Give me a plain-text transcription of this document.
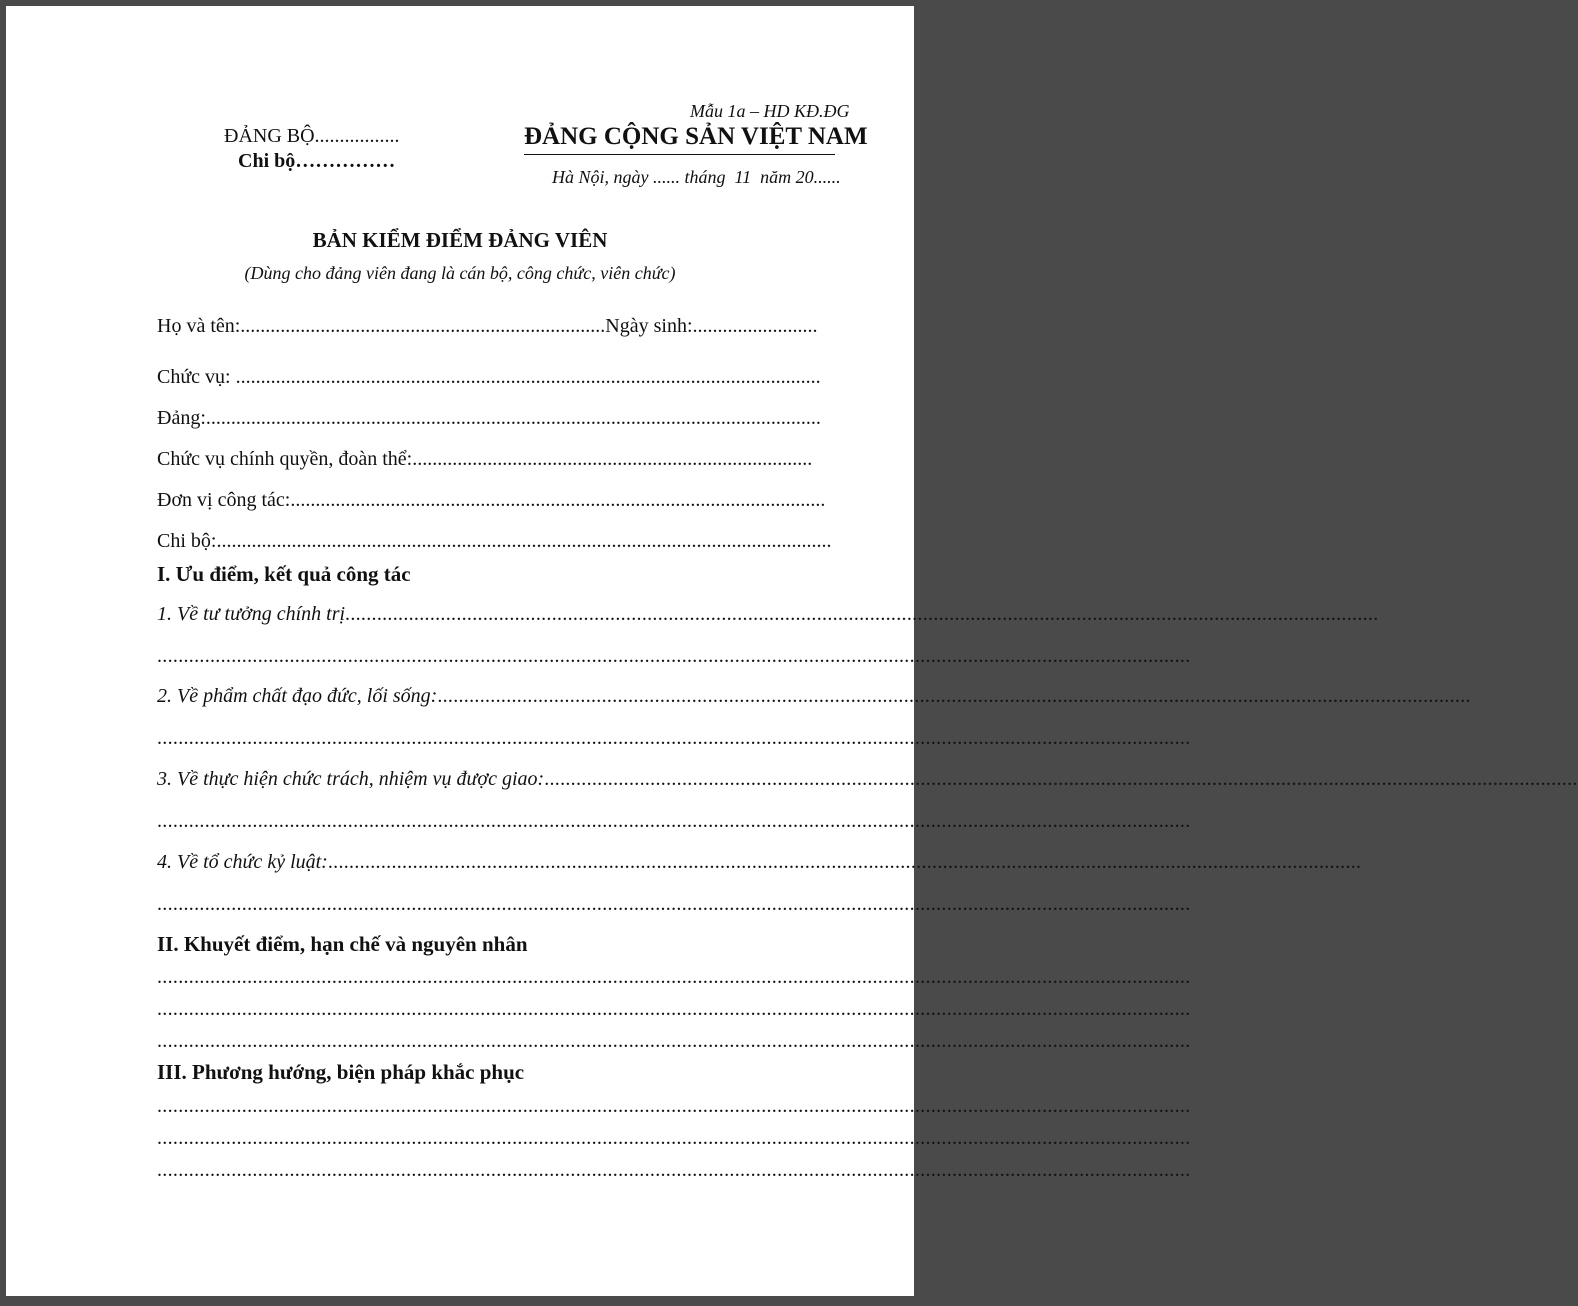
Mẫu 1a – HD KĐ.ĐG
ĐẢNG BỘ.................
Chi bộ……………
ĐẢNG CỘNG SẢN VIỆT NAM
Hà Nội, ngày ...... tháng  11  năm 20......
BẢN KIỂM ĐIỂM ĐẢNG VIÊN
(Dùng cho đảng viên đang là cán bộ, công chức, viên chức)
Họ và tên:.........................................................................Ngày sinh:.........................
Chức vụ: .....................................................................................................................
Đảng:...........................................................................................................................
Chức vụ chính quyền, đoàn thể:................................................................................
Đơn vị công tác:...........................................................................................................
Chi bộ:...........................................................................................................................
I. Ưu điểm, kết quả công tác
1. Về tư tưởng chính trị...................................................................................................................................................................................................
...................................................................................................................................................................................................
2. Về phẩm chất đạo đức, lối sống:...................................................................................................................................................................................................
...................................................................................................................................................................................................
3. Về thực hiện chức trách, nhiệm vụ được giao:...................................................................................................................................................................................................
...................................................................................................................................................................................................
4. Về tổ chức kỷ luật:...................................................................................................................................................................................................
...................................................................................................................................................................................................
II. Khuyết điểm, hạn chế và nguyên nhân
...................................................................................................................................................................................................
...................................................................................................................................................................................................
...................................................................................................................................................................................................
III. Phương hướng, biện pháp khắc phục
...................................................................................................................................................................................................
...................................................................................................................................................................................................
...................................................................................................................................................................................................
